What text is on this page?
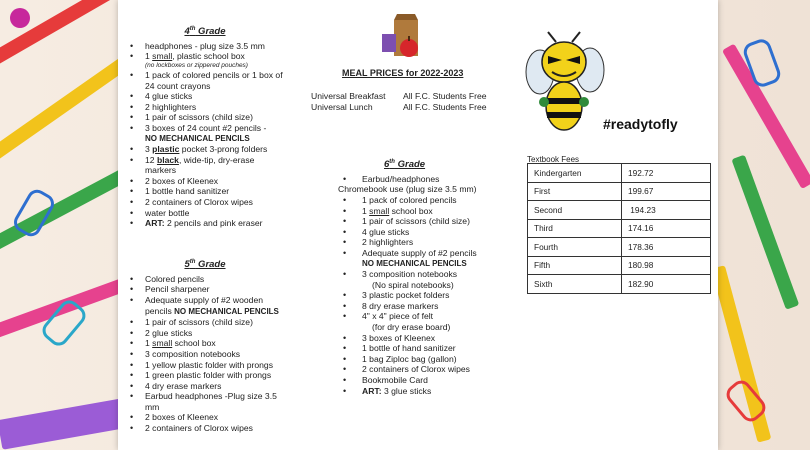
4th Grade
• headphones - plug size 3.5 mm
• 1 small, plastic school box
(no lockboxes or zippered pouches)
• 1 pack of colored pencils or 1 box of 24 count crayons
• 4 glue sticks
• 2 highlighters
• 1 pair of scissors (child size)
• 3 boxes of 24 count #2 pencils -
NO MECHANICAL PENCILS
• 3 plastic pocket 3-prong folders
• 12 black, wide-tip, dry-erase markers
• 2 boxes of Kleenex
• 1 bottle hand sanitizer
• 2 containers of Clorox wipes
• water bottle
• ART: 2 pencils and pink eraser
5th Grade
• Colored pencils
• Pencil sharpener
• Adequate supply of #2 wooden pencils NO MECHANICAL PENCILS
• 1 pair of scissors (child size)
• 2 glue sticks
• 1 small school box
• 3 composition notebooks
• 1 yellow plastic folder with prongs
• 1 green plastic folder with prongs
• 4 dry erase markers
• Earbud headphones -Plug size 3.5 mm
• 2 boxes of Kleenex
• 2 containers of Clorox wipes
MEAL PRICES for 2022-2023
Universal Breakfast All F.C. Students Free
Universal Lunch	All F.C. Students Free
6th Grade
• Earbud/headphones
Chromebook use (plug size 3.5 mm)
• 1 pack of colored pencils
• 1 small school box
• 1 pair of scissors (child size)
• 4 glue sticks
• 2 highlighters
• Adequate supply of #2 pencils
NO MECHANICAL PENCILS
• 3 composition notebooks
(No spiral notebooks)
• 3 plastic pocket folders
• 8 dry erase markers
• 4" x 4" piece of felt
(for dry erase board)
• 3 boxes of Kleenex
• 1 bottle of hand sanitizer
• 1 bag Ziploc bag (gallon)
• 2 containers of Clorox wipes
• Bookmobile Card
• ART: 3 glue sticks
#readytofly
Textbook Fees
Kindergarten	192.72
First	199.67
Second	194.23
Third	174.16
Fourth	178.36
Fifth	180.98
Sixth	182.90
